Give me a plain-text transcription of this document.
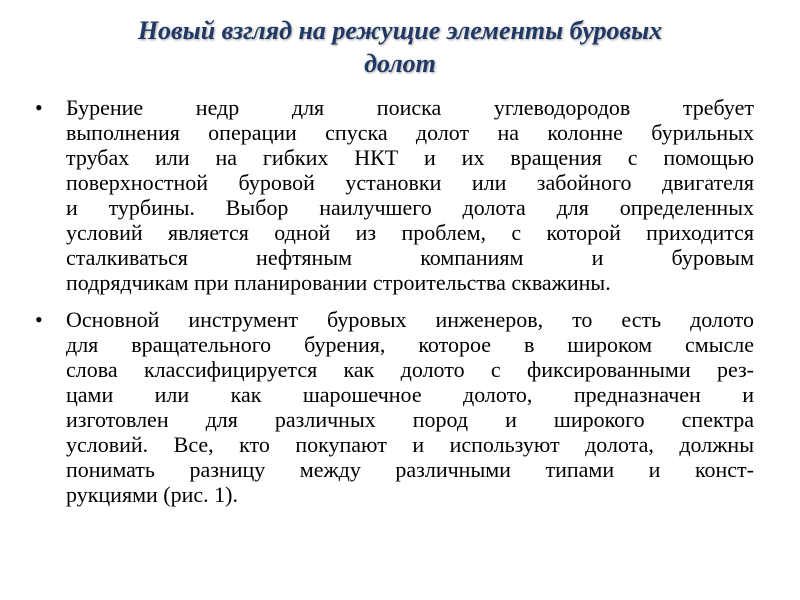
Новый взгляд на режущие элементы буровых
долот
• Бурение недр для поиска углеводородов требует
выполнения операции спуска долот на колонне бурильных
трубах или на гибких НКТ и их вращения с помощью
поверхностной буровой установки или забойного двигателя
и турбины. Выбор наилучшего долота для определенных
условий является одной из проблем, с которой приходится
сталкиваться нефтяным компаниям и буровым
подрядчикам при планировании строительства скважины.

• Основной инструмент буровых инженеров, то есть долото
для вращательного бурения, которое в широком смысле
слова классифицируется как долото с фиксированными рез-
цами или как шарошечное долото, предназначен и
изготовлен для различных пород и широкого спектра
условий. Все, кто покупают и используют долота, должны
понимать разницу между различными типами и конст-
рукциями (рис. 1).
